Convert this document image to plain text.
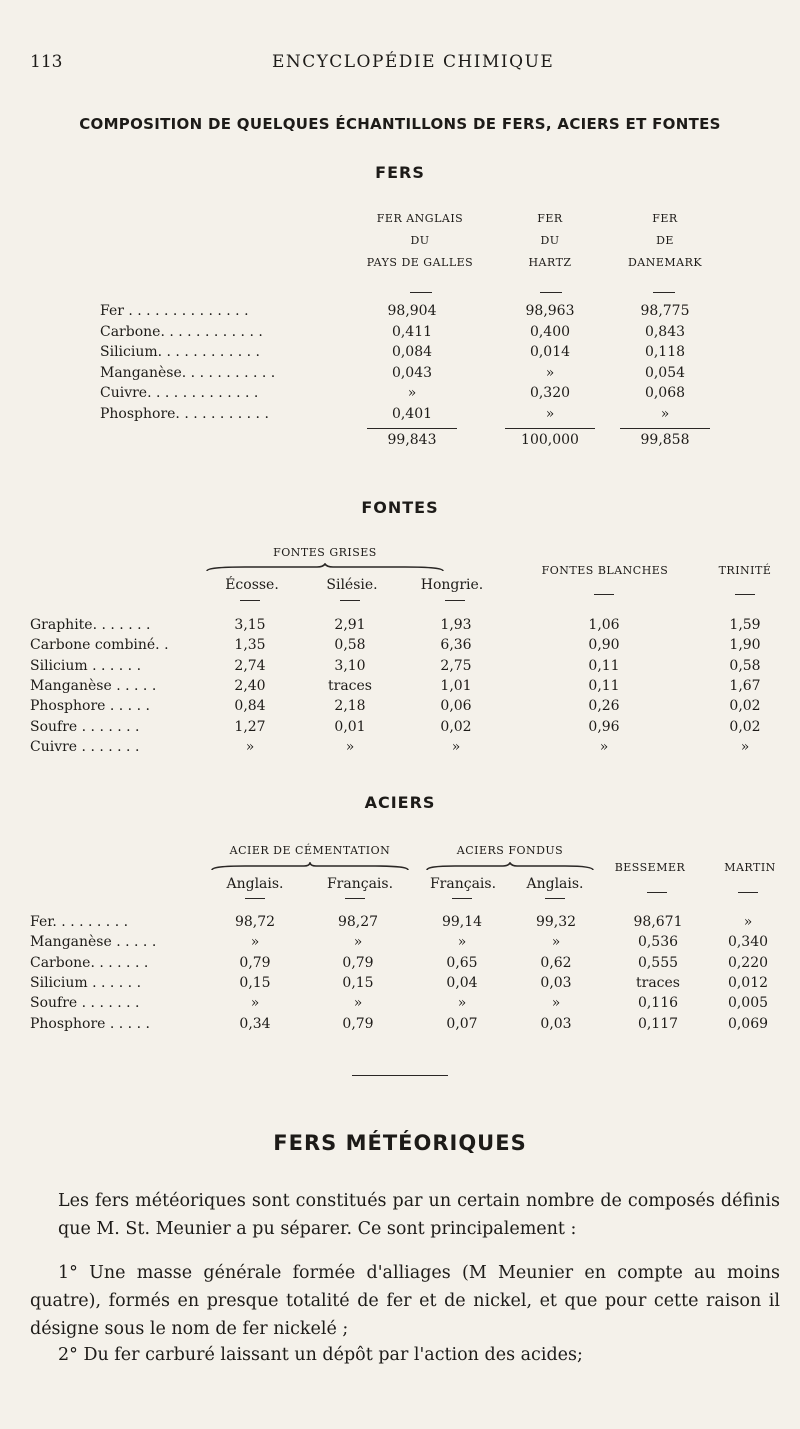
113	ENCYCLOPÉDIE CHIMIQUE
COMPOSITION DE QUELQUES ÉCHANTILLONS DE FERS, ACIERS ET FONTES
FERS
FER ANGLAIS
DU
PAYS DE GALLES
FER
DU
HARTZ
FER
DE
DANEMARK
Fer . . . . . . . . . . . . . .	98,904	98,963	98,775
Carbone. . . . . . . . . . . .	0,411	0,400	0,843
Silicium. . . . . . . . . . . .	0,084	0,014	0,118
Manganèse. . . . . . . . . . .	0,043	»	0,054
Cuivre. . . . . . . . . . . . .	»	0,320	0,068
Phosphore. . . . . . . . . . .	0,401	»	»
99,843	100,000	99,858
FONTES
FONTES GRISES
FONTES BLANCHES	TRINITÉ
Écosse.	Silésie.	Hongrie.
Graphite. . . . . . .	3,15	2,91	1,93	1,06	1,59
Carbone combiné. .	1,35	0,58	6,36	0,90	1,90
Silicium . . . . . .	2,74	3,10	2,75	0,11	0,58
Manganèse . . . . .	2,40	traces	1,01	0,11	1,67
Phosphore . . . . .	0,84	2,18	0,06	0,26	0,02
Soufre . . . . . . .	1,27	0,01	0,02	0,96	0,02
Cuivre . . . . . . .	»	»	»	»	»
ACIERS
ACIER DE CÉMENTATION	ACIERS FONDUS
BESSEMER	MARTIN
Anglais.	Français.	Français.	Anglais.
Fer. . . . . . . . .	98,72	98,27	99,14	99,32	98,671	»
Manganèse . . . . .	»	»	»	»	0,536	0,340
Carbone. . . . . . .	0,79	0,79	0,65	0,62	0,555	0,220
Silicium . . . . . .	0,15	0,15	0,04	0,03	traces	0,012
Soufre . . . . . . .	»	»	»	»	0,116	0,005
Phosphore . . . . .	0,34	0,79	0,07	0,03	0,117	0,069
FERS MÉTÉORIQUES
Les fers météoriques sont constitués par un certain nombre de composés définis que M. St. Meunier a pu séparer. Ce sont principalement :
1° Une masse générale formée d'alliages (M Meunier en compte au moins quatre), formés en presque totalité de fer et de nickel, et que pour cette raison il désigne sous le nom de fer nickelé ;
2° Du fer carburé laissant un dépôt par l'action des acides;
